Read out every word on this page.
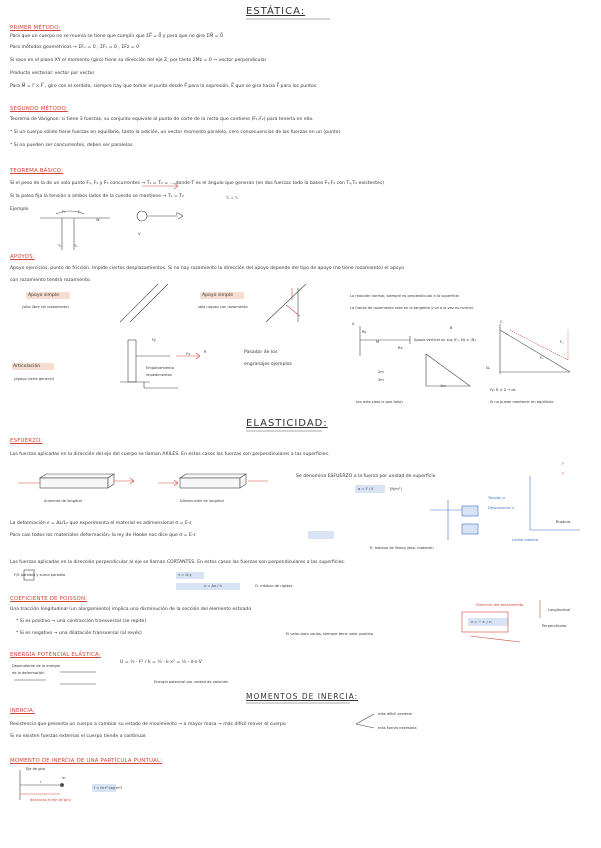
ESTÁTICA:
PRIMER MÉTODO:
Para que un cuerpo no se mueva se tiene que cumplir que ΣF⃗ = 0⃗ y para que no gire ΣM⃗ = 0⃗
Para métodos geométricos → ΣFₓ = 0 , ΣFᵧ = 0 , ΣFz = 0
Si saco en el plano XY el momento (giro) tiene su dirección del eje Z, por tanto ΣMz = 0 → vector perpendicular
Producto vectorial: vector por vector
Para M⃗ = r⃗ × F⃗ , giro con el sentido, siempre hay que tomar el punto desde F⃗ para la expresión. E⃗ que se gira hacia F⃗ para los puntos.
SEGUNDO MÉTODO:
Teorema de Varignon: si tiene 3 fuerzas, su conjunto equivale al punto de corte de la recta que contiene (F₁,F₂) para tenerla en ella.
* Si un cuerpo sólido tiene fuerzas en equilibrio, tanto la adición, un vector momento paralelo, cero consecuencias de las fuerzas en un (punto)
* Si no pueden ser concurrentes, deben ser paralelas.
TEOREMA BÁSICO:
Si el peso de la de un solo punto F₁, F₂ y F₃ concurrentes → T₁ = T₂ = … donde T es el ángulo que generan (en dos fuerzas todo la bases F₁,F₂ con T₁,T₂ existentes)
Si la polea fija la tensión a ambos lados de la cuerda se mantiene → T₁ = T₂
Ejemplo	F₁	F₂
T₁	T₂
F
T₁ = T₂
V
W
APOYOS:
Apoyo ejercicios, punto de fricción. Impide ciertos desplazamientos. Si no hay rozamiento la dirección del apoyo depende del tipo de apoyo (no tiene rozamiento) el apoyo
con rozamiento tendrá rozamiento.
Apoyo simple
(sólo libre sin rozamiento)
Apoyo simple
sólo rugoso con rozamiento
La reacción normal, siempre es perpendicular a la superficie
La fuerza de rozamiento está en la tangente y va a la vez es normal.
Articulación
(apoyo cierre general)
Empotramiento
impedimentos
Pasador de los
engranajes ejemplos
Apoyo vertical en sus (F₀, N) ≠ (N)
(en este caso lo que falla)
Fy: R ≠ 0 → ok
Si no puede mantener en equilibrio
Fx
Fy
R
A
B
C
M
Fₓ
Fᵧ
Nᵧ
2m
3m
1m
Rx
Ry
ELASTICIDAD:
ESFUERZO:
Las fuerzas aplicadas en la dirección del eje del cuerpo se llaman AXILES. En estos casos las fuerzas son perpendiculares a las superficies.
Aumento de longitud	Disminución de longitud
Se denomina ESFUERZO a la fuerza por unidad de superficie
σ = F / S	[N/m²]
La deformación ε = ΔL/L₀ que experimenta el material es adimensional σ = E·ε
Para casi todos los materiales deformación, la ley de Hooke nos dice que σ = E·ε
E: módulo de Young (dep. material)
Las fuerzas aplicadas en la dirección perpendicular al eje se llaman CORTANTES. En estos casos las fuerzas son perpendiculares a las superficies.
τ = G·γ
γ = Δx / h
F/S paralela y suma paralela
G: módulo de rigidez
F
F
Tensión σ
Deformación ε
Límite elástico
Ruptura
COEFICIENTE DE POISSON:
Una tracción longitudinal (un alargamiento) implica una disminución de la sección del elemento estirado
* Si es positivo → una contracción transversal (se repite)
* Si es negativo → una dilatación transversal (al revés)	El valor para varios, siempre tiene valor positivo
ν = − εₜ / εₗ
Dirección del estiramiento
Longitudinal
Perpendicular
ENERGÍA POTENCIAL ELÁSTICA:
U = ½ · F² / k = ½ · k·x² = ½ · σ·ε·V
Dependiente de la energía
de la deformación
Energía potencial por unidad de volumen
MOMENTOS DE INERCIA:
INERCIA:
Resistencia que presenta un cuerpo a cambiar su estado de movimiento → a mayor masa → más difícil mover el cuerpo
Si no existen fuerzas externas el cuerpo tiende a continuar.
más difícil acelerar
más fuerza necesaria
MOMENTO DE INERCIA DE UNA PARTÍCULA PUNTUAL:
Eje de giro
I = m·r² (kg·m²)
r
m
distancia al eje de giro
